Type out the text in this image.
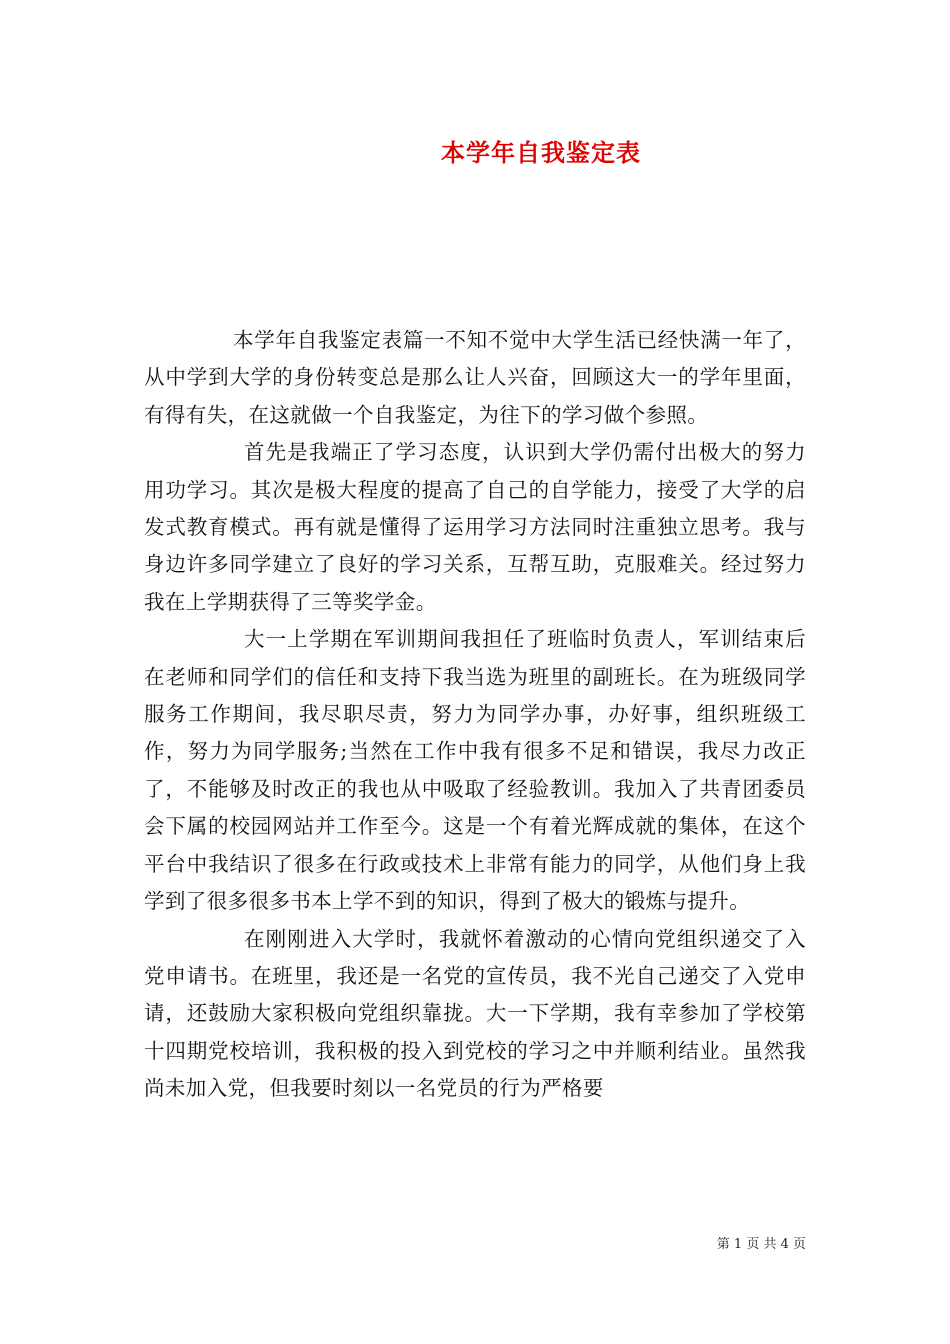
本学年自我鉴定表

本学年自我鉴定表篇一不知不觉中大学生活已经快满一年了，从中学到大学的身份转变总是那么让人兴奋，回顾这大一的学年里面，有得有失，在这就做一个自我鉴定，为往下的学习做个参照。

首先是我端正了学习态度，认识到大学仍需付出极大的努力用功学习。其次是极大程度的提高了自己的自学能力，接受了大学的启发式教育模式。再有就是懂得了运用学习方法同时注重独立思考。我与身边许多同学建立了良好的学习关系，互帮互助，克服难关。经过努力我在上学期获得了三等奖学金。

大一上学期在军训期间我担任了班临时负责人，军训结束后在老师和同学们的信任和支持下我当选为班里的副班长。在为班级同学服务工作期间，我尽职尽责，努力为同学办事，办好事，组织班级工作，努力为同学服务;当然在工作中我有很多不足和错误，我尽力改正了，不能够及时改正的我也从中吸取了经验教训。我加入了共青团委员会下属的校园网站并工作至今。这是一个有着光辉成就的集体，在这个平台中我结识了很多在行政或技术上非常有能力的同学，从他们身上我学到了很多很多书本上学不到的知识，得到了极大的锻炼与提升。

在刚刚进入大学时，我就怀着激动的心情向党组织递交了入党申请书。在班里，我还是一名党的宣传员，我不光自己递交了入党申请，还鼓励大家积极向党组织靠拢。大一下学期，我有幸参加了学校第十四期党校培训，我积极的投入到党校的学习之中并顺利结业。虽然我尚未加入党，但我要时刻以一名党员的行为严格要

第 1 页 共 4 页
